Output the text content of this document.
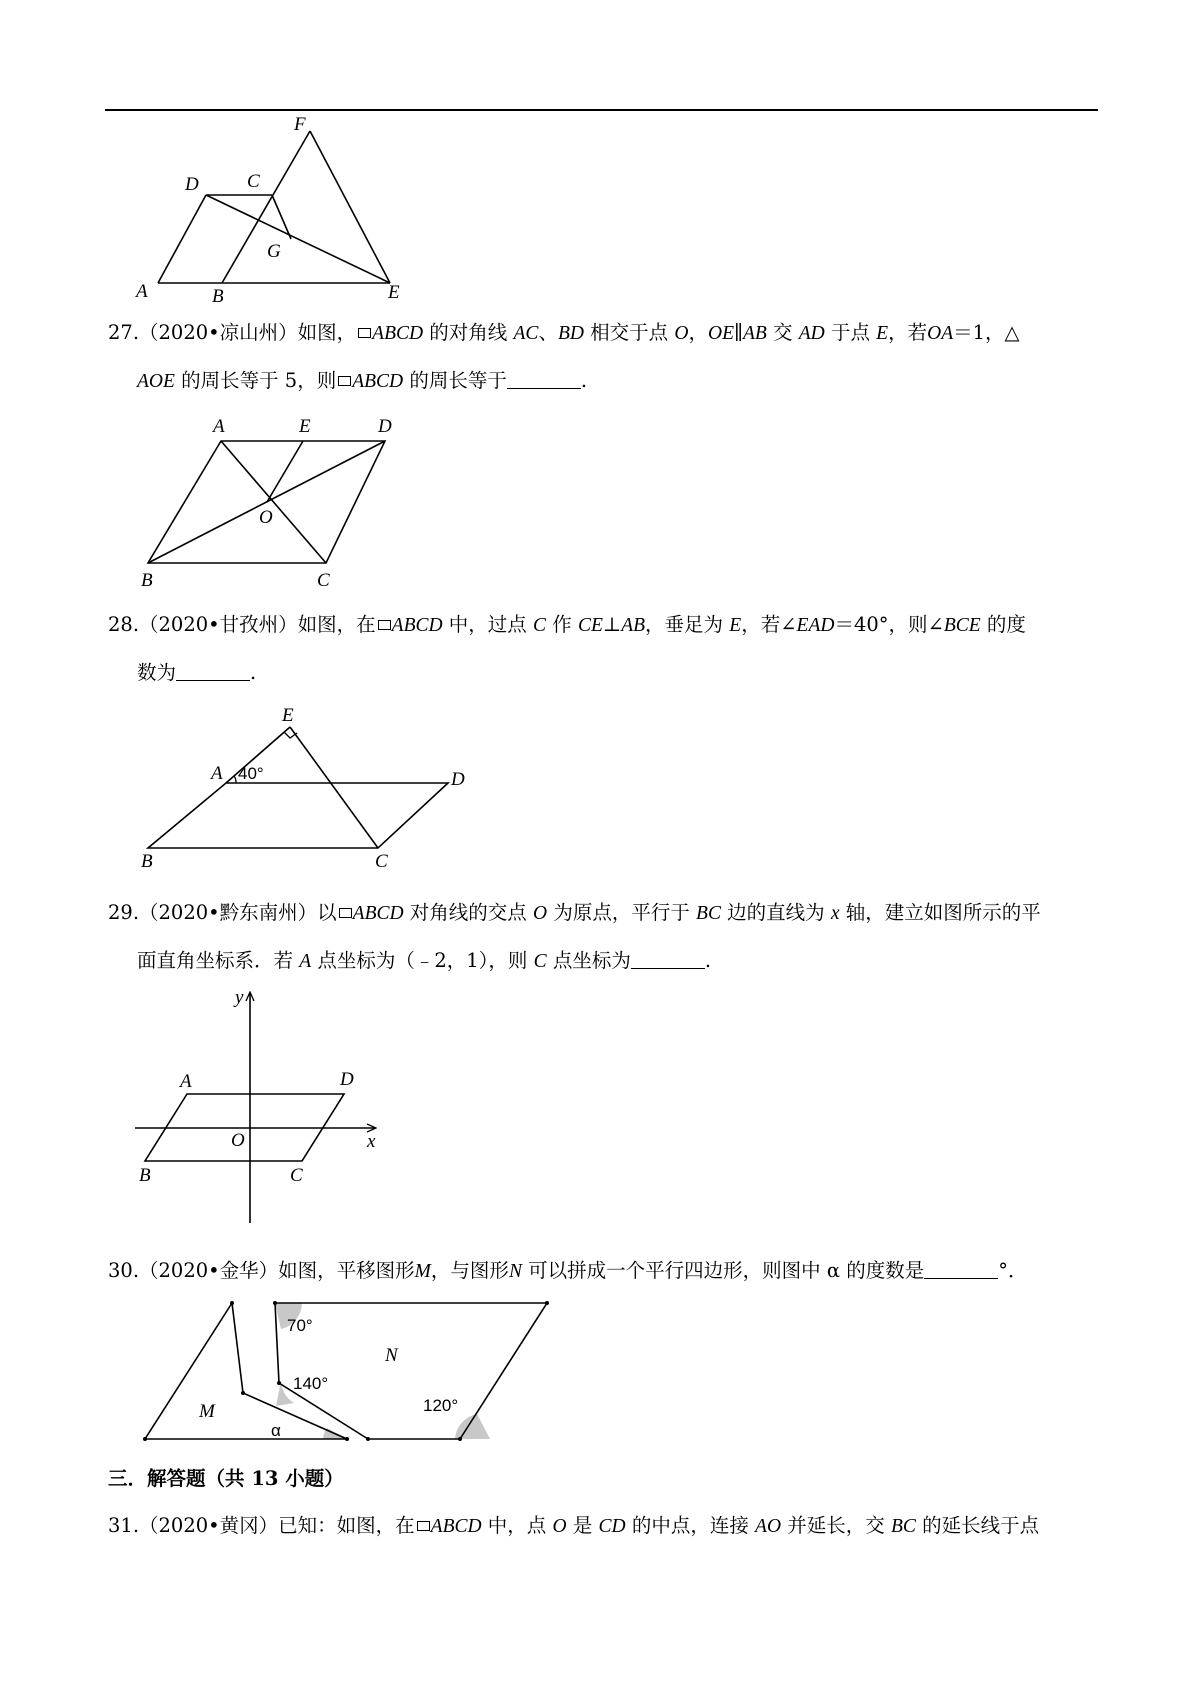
F
D	C
G
A	B	E
27.（2020•凉山州）如图， ABCD 的对角线 AC、BD 相交于点 O，OE∥AB 交 AD 于点 E，若OA＝1，△
AOE 的周长等于 5，则 ABCD 的周长等于	.
A	E	D
O
B	C
28.（2020•甘孜州）如图，在 ABCD 中，过点 C 作 CE⊥AB，垂足为 E，若∠EAD＝40°，则∠BCE 的度
数为	.
E
A 40°	D
B	C
29.（2020•黔东南州）以 ABCD 对角线的交点 O 为原点，平行于 BC 边的直线为 x 轴，建立如图所示的平
面直角坐标系．若 A 点坐标为（﹣2，1），则 C 点坐标为	.
y
A	D
O	x
B	C
30.（2020•金华）如图，平移图形M，与图形N 可以拼成一个平行四边形，则图中 α 的度数是	°．
70°
N
140°
120°
M
α
三．解答题（共 13 小题）
31.（2020•黄冈）已知：如图，在 ABCD 中，点 O 是 CD 的中点，连接 AO 并延长，交 BC 的延长线于点
